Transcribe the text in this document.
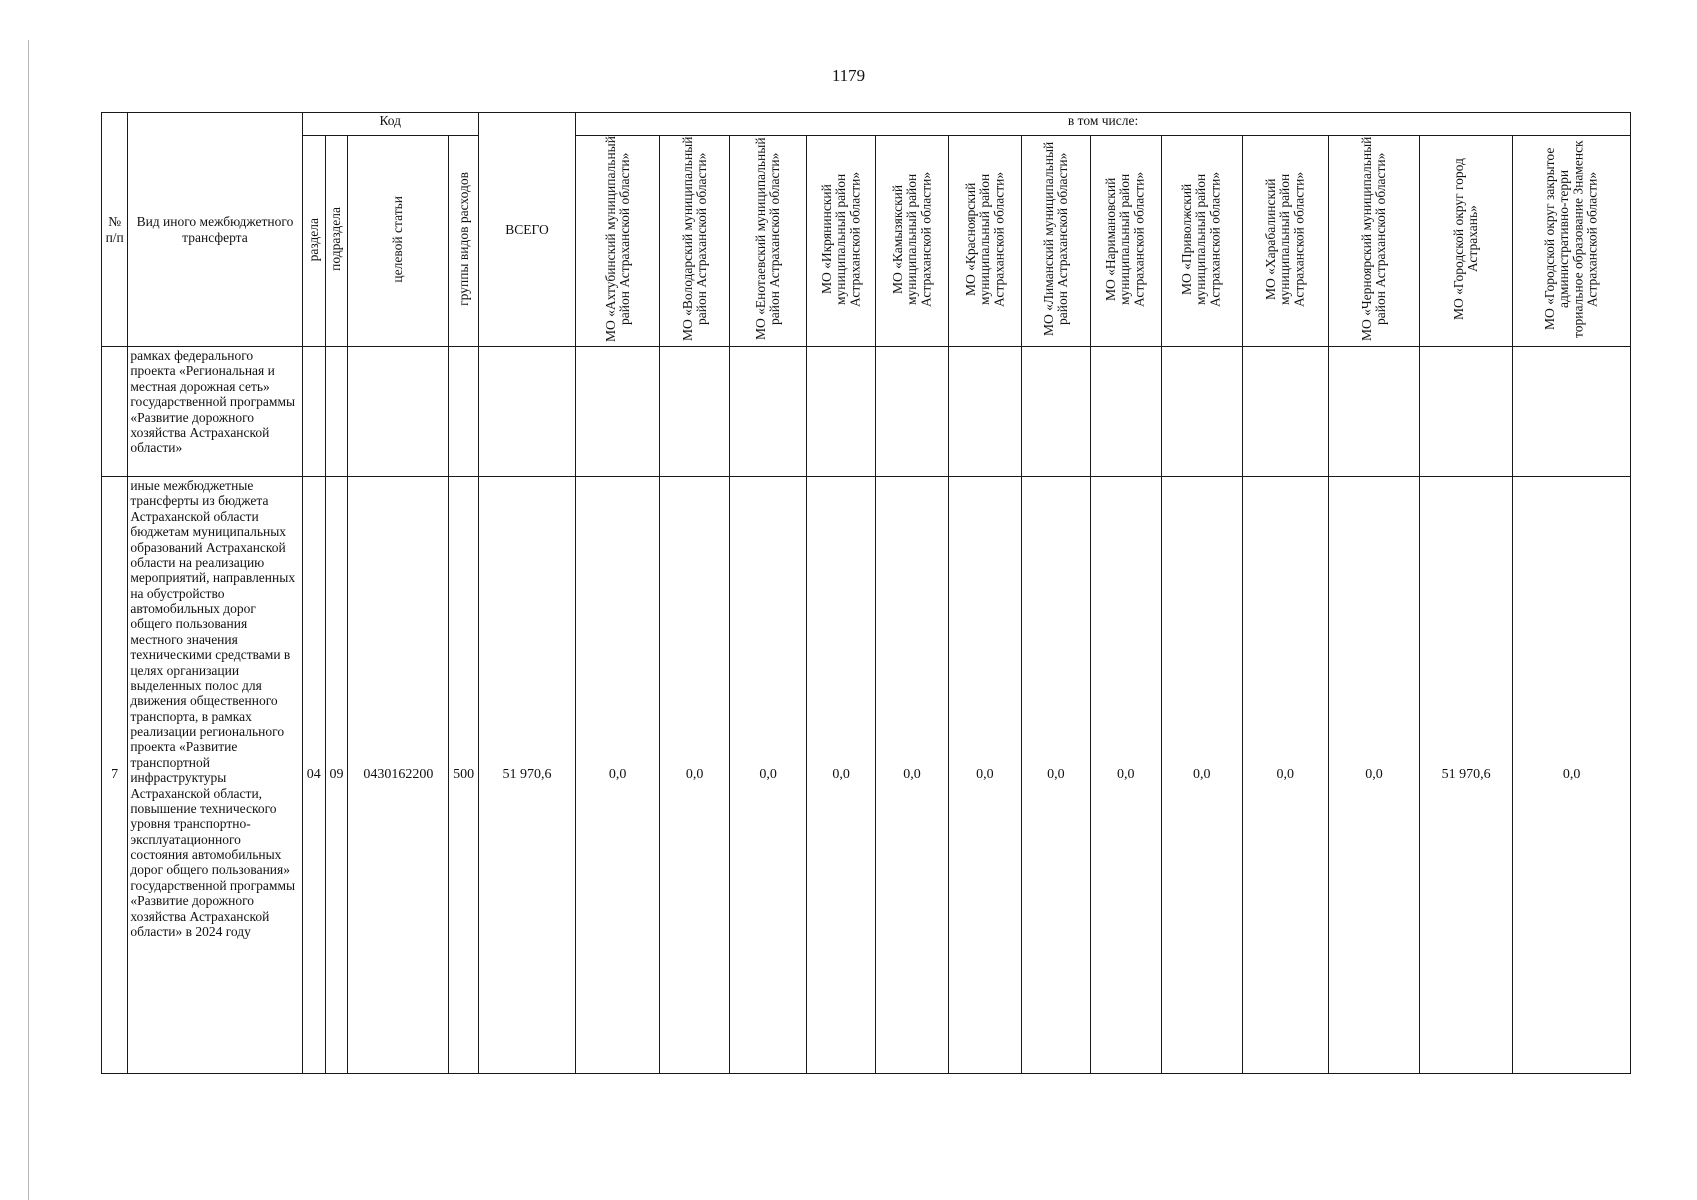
1179
№ п/п	Вид иного межбюджетного трансферта	Код				ВСЕГО	в том числе:												
		раздела	подраздела	целевой статьи	группы видов расходов		МО «Ахтубинский муниципальный район Астраханской области»	МО «Володарский муниципальный район Астраханской области»	МО «Енотаевский муниципальный район Астраханской области»	МО «Икрянинский муниципальный район Астраханской области»	МО «Камызякский муниципальный район Астраханской области»	МО «Красноярский муниципальный район Астраханской области»	МО «Лиманский муниципальный район Астраханской области»	МО «Наримановский муниципальный район Астраханской области»	МО «Приволжский муниципальный район Астраханской области»	МО «Харабалинский муниципальный район Астраханской области»	МО «Черноярский муниципальный район Астраханской области»	МО «Городской округ город Астрахань»	МО «Городской округ закрытое административно-терри ториальное образование Знаменск Астраханской области»
	рамках федерального проекта «Региональная и местная дорожная сеть» государственной программы «Развитие дорожного хозяйства Астраханской области»																		
7	иные межбюджетные трансферты из бюджета Астраханской области бюджетам муниципальных образований Астраханской области на реализацию мероприятий, направленных на обустройство автомобильных дорог общего пользования местного значения техническими средствами в целях организации выделенных полос для движения общественного транспорта, в рамках реализации регионального проекта «Развитие транспортной инфраструктуры Астраханской области, повышение технического уровня транспортно-эксплуатационного состояния автомобильных дорог общего пользования» государственной программы «Развитие дорожного хозяйства Астраханской области» в 2024 году	04	09	0430162200	500	51 970,6	0,0	0,0	0,0	0,0	0,0	0,0	0,0	0,0	0,0	0,0	0,0	51 970,6	0,0
